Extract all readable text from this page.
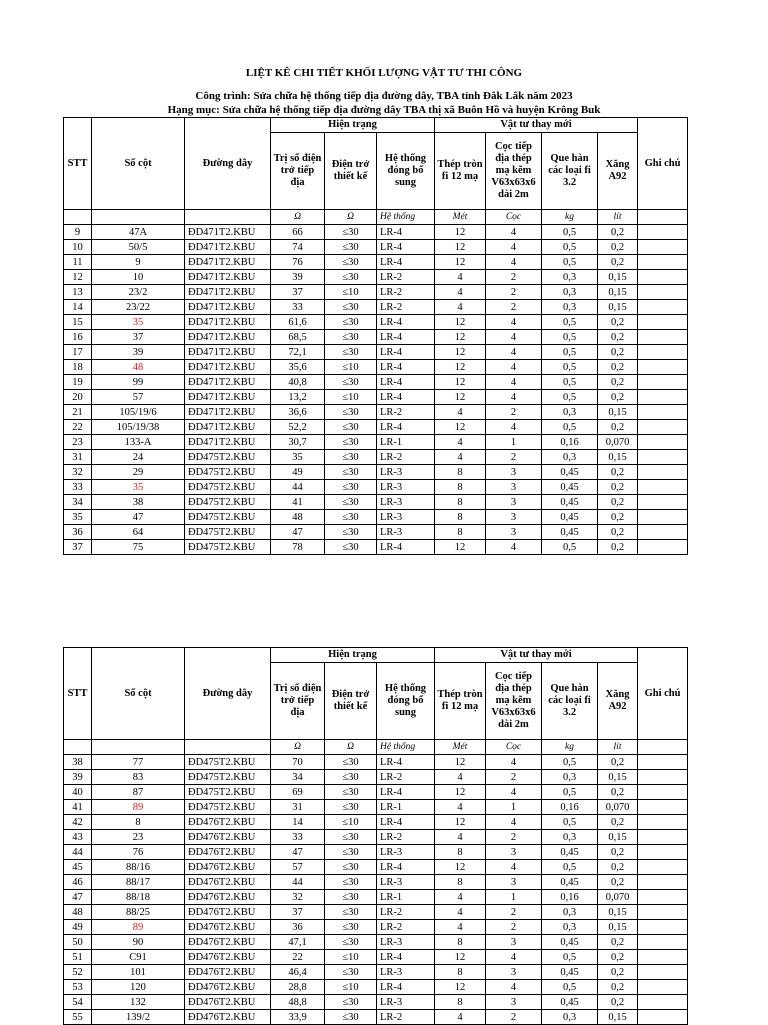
LIỆT KÊ CHI TIẾT KHỐI LƯỢNG VẬT TƯ THI CÔNG
Công trình: Sửa chữa hệ thống tiếp địa đường dây, TBA tỉnh Đắk Lắk năm 2023
Hạng mục: Sửa chữa hệ thống tiếp địa đường dây TBA thị xã Buôn Hồ và huyện Krông Buk
STT	Số cột	Đường dây	Hiện trạng			Vật tư thay mới				Ghi chú
			Trị số điện trở tiếp địa	Điện trở thiết kế	Hệ thống đóng bổ sung	Thép tròn fi 12 mạ	Cọc tiếp địa thép mạ kẽm V63x63x6 dài 2m	Que hàn các loại fi 3.2	Xăng A92	
			Ω	Ω	Hệ thống	Mét	Cọc	kg	lít	
9	47A	ĐD471T2.KBU	66	≤30	LR-4	12	4	0,5	0,2	
10	50/5	ĐD471T2.KBU	74	≤30	LR-4	12	4	0,5	0,2	
11	9	ĐD471T2.KBU	76	≤30	LR-4	12	4	0,5	0,2	
12	10	ĐD471T2.KBU	39	≤30	LR-2	4	2	0,3	0,15	
13	23/2	ĐD471T2.KBU	37	≤10	LR-2	4	2	0,3	0,15	
14	23/22	ĐD471T2.KBU	33	≤30	LR-2	4	2	0,3	0,15	
15	35	ĐD471T2.KBU	61,6	≤30	LR-4	12	4	0,5	0,2	
16	37	ĐD471T2.KBU	68,5	≤30	LR-4	12	4	0,5	0,2	
17	39	ĐD471T2.KBU	72,1	≤30	LR-4	12	4	0,5	0,2	
18	48	ĐD471T2.KBU	35,6	≤10	LR-4	12	4	0,5	0,2	
19	99	ĐD471T2.KBU	40,8	≤30	LR-4	12	4	0,5	0,2	
20	57	ĐD471T2.KBU	13,2	≤10	LR-4	12	4	0,5	0,2	
21	105/19/6	ĐD471T2.KBU	36,6	≤30	LR-2	4	2	0,3	0,15	
22	105/19/38	ĐD471T2.KBU	52,2	≤30	LR-4	12	4	0,5	0,2	
23	133-A	ĐD471T2.KBU	30,7	≤30	LR-1	4	1	0,16	0,070	
31	24	ĐD475T2.KBU	35	≤30	LR-2	4	2	0,3	0,15	
32	29	ĐD475T2.KBU	49	≤30	LR-3	8	3	0,45	0,2	
33	35	ĐD475T2.KBU	44	≤30	LR-3	8	3	0,45	0,2	
34	38	ĐD475T2.KBU	41	≤30	LR-3	8	3	0,45	0,2	
35	47	ĐD475T2.KBU	48	≤30	LR-3	8	3	0,45	0,2	
36	64	ĐD475T2.KBU	47	≤30	LR-3	8	3	0,45	0,2	
37	75	ĐD475T2.KBU	78	≤30	LR-4	12	4	0,5	0,2	
STT	Số cột	Đường dây	Hiện trạng			Vật tư thay mới				Ghi chú
			Trị số điện trở tiếp địa	Điện trở thiết kế	Hệ thống đóng bổ sung	Thép tròn fi 12 mạ	Cọc tiếp địa thép mạ kẽm V63x63x6 dài 2m	Que hàn các loại fi 3.2	Xăng A92	
			Ω	Ω	Hệ thống	Mét	Cọc	kg	lít	
38	77	ĐD475T2.KBU	70	≤30	LR-4	12	4	0,5	0,2	
39	83	ĐD475T2.KBU	34	≤30	LR-2	4	2	0,3	0,15	
40	87	ĐD475T2.KBU	69	≤30	LR-4	12	4	0,5	0,2	
41	89	ĐD475T2.KBU	31	≤30	LR-1	4	1	0,16	0,070	
42	8	ĐD476T2.KBU	14	≤10	LR-4	12	4	0,5	0,2	
43	23	ĐD476T2.KBU	33	≤30	LR-2	4	2	0,3	0,15	
44	76	ĐD476T2.KBU	47	≤30	LR-3	8	3	0,45	0,2	
45	88/16	ĐD476T2.KBU	57	≤30	LR-4	12	4	0,5	0,2	
46	88/17	ĐD476T2.KBU	44	≤30	LR-3	8	3	0,45	0,2	
47	88/18	ĐD476T2.KBU	32	≤30	LR-1	4	1	0,16	0,070	
48	88/25	ĐD476T2.KBU	37	≤30	LR-2	4	2	0,3	0,15	
49	89	ĐD476T2.KBU	36	≤30	LR-2	4	2	0,3	0,15	
50	90	ĐD476T2.KBU	47,1	≤30	LR-3	8	3	0,45	0,2	
51	C91	ĐD476T2.KBU	22	≤10	LR-4	12	4	0,5	0,2	
52	101	ĐD476T2.KBU	46,4	≤30	LR-3	8	3	0,45	0,2	
53	120	ĐD476T2.KBU	28,8	≤10	LR-4	12	4	0,5	0,2	
54	132	ĐD476T2.KBU	48,8	≤30	LR-3	8	3	0,45	0,2	
55	139/2	ĐD476T2.KBU	33,9	≤30	LR-2	4	2	0,3	0,15	
